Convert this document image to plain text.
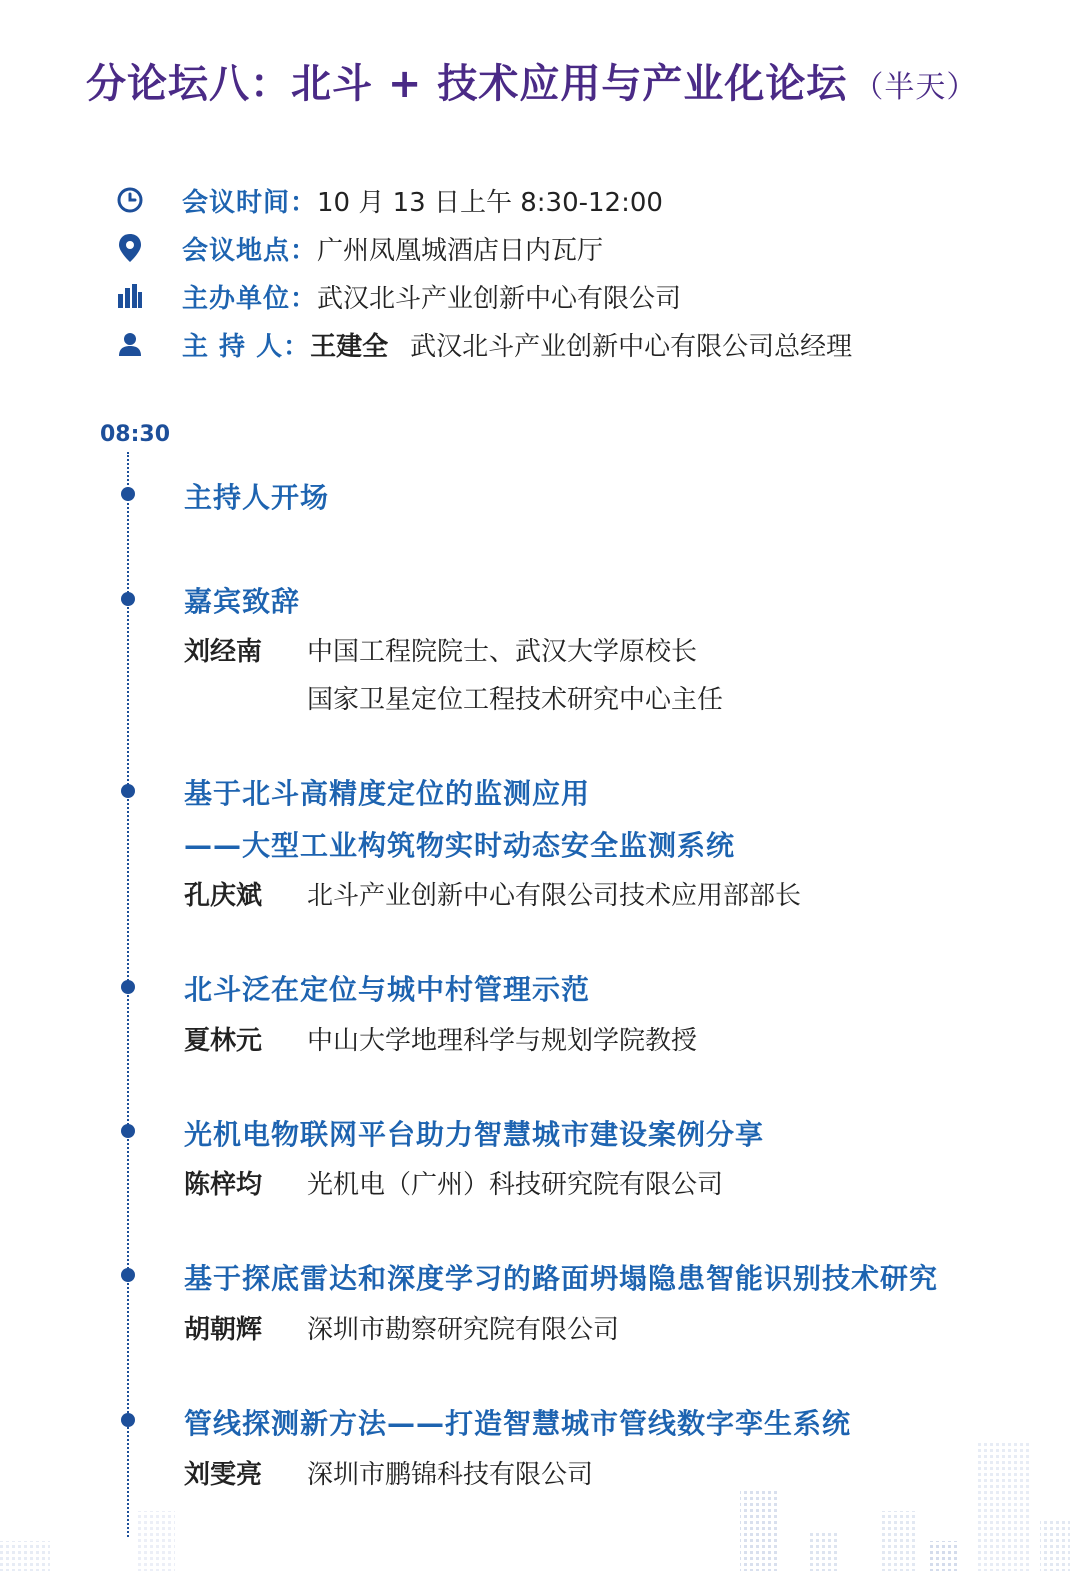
分论坛八：北斗 + 技术应用与产业化论坛 （半天）
会议时间： 10 月 13 日上午 8:30-12:00
会议地点： 广州凤凰城酒店日内瓦厅
主办单位： 武汉北斗产业创新中心有限公司
主 持 人： 王建全 武汉北斗产业创新中心有限公司总经理
08:30
主持人开场
嘉宾致辞
刘经南 中国工程院院士、武汉大学原校长
国家卫星定位工程技术研究中心主任
基于北斗高精度定位的监测应用
——大型工业构筑物实时动态安全监测系统
孔庆斌 北斗产业创新中心有限公司技术应用部部长
北斗泛在定位与城中村管理示范
夏林元 中山大学地理科学与规划学院教授
光机电物联网平台助力智慧城市建设案例分享
陈梓均 光机电（广州）科技研究院有限公司
基于探底雷达和深度学习的路面坍塌隐患智能识别技术研究
胡朝辉 深圳市勘察研究院有限公司
管线探测新方法——打造智慧城市管线数字孪生系统
刘雯亮 深圳市鹏锦科技有限公司
